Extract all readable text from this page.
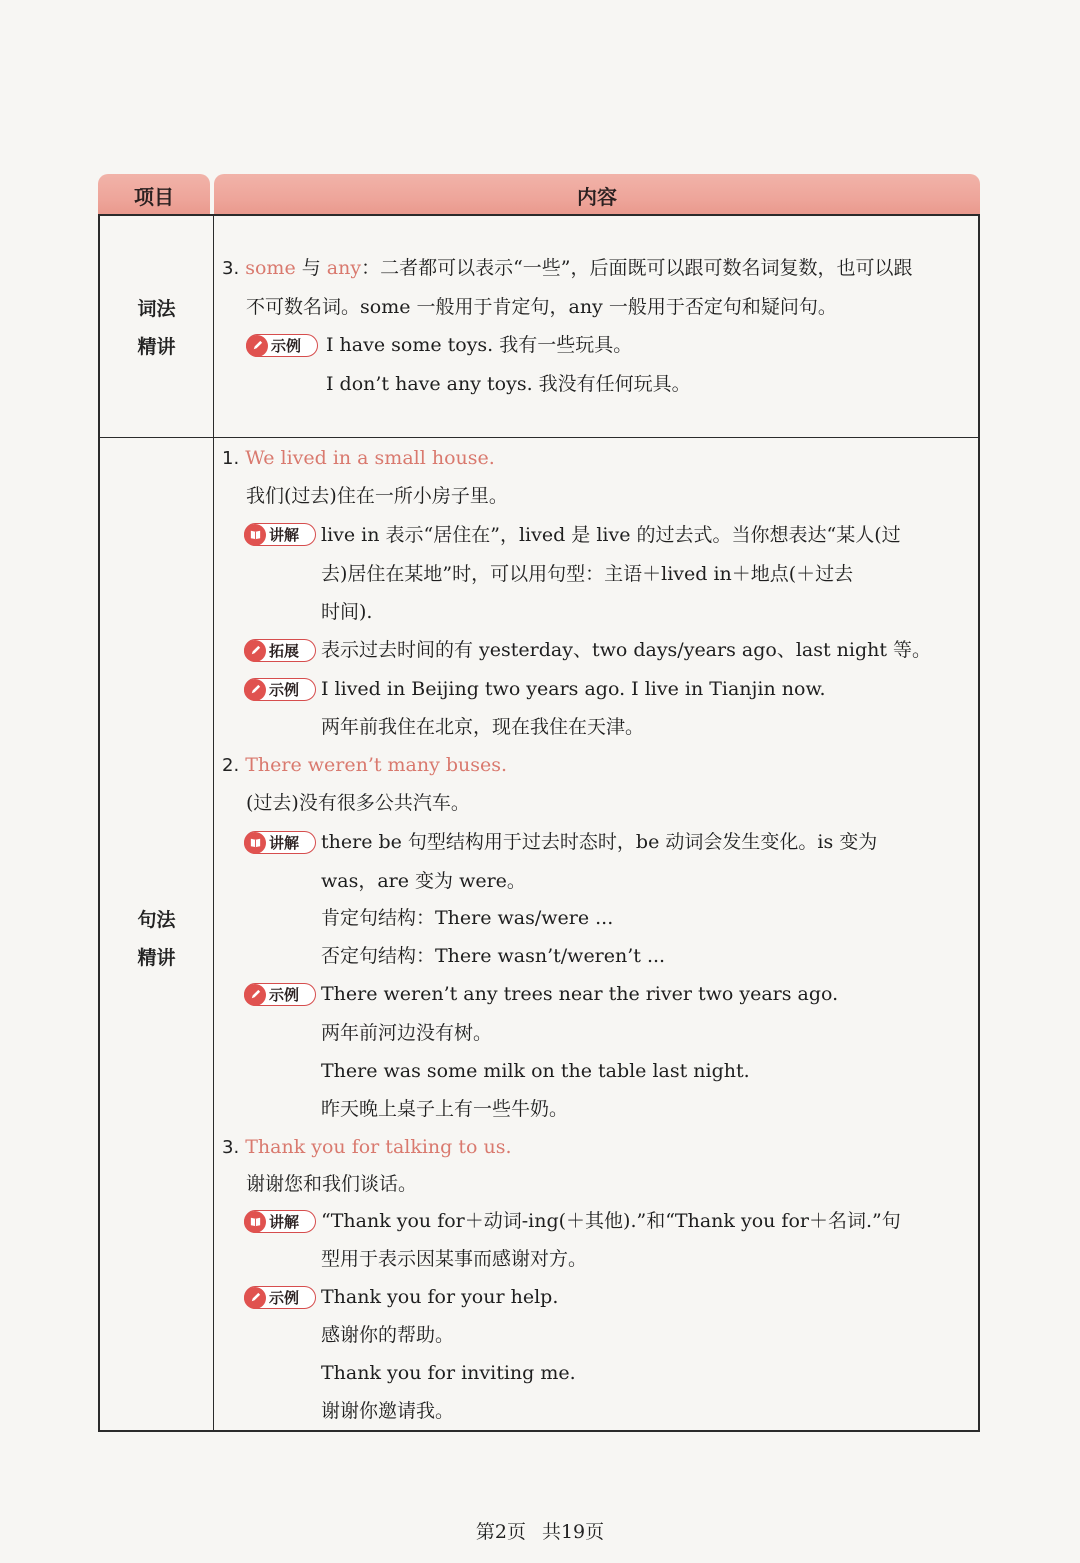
项目	内容
词法
精讲
句法
精讲
3. some 与 any：二者都可以表示“一些”，后面既可以跟可数名词复数，也可以跟
不可数名词。some 一般用于肯定句，any 一般用于否定句和疑问句。
示例 I have some toys. 我有一些玩具。
I don’t have any toys. 我没有任何玩具。
1. We lived in a small house.
我们(过去)住在一所小房子里。
讲解 live in 表示“居住在”，lived 是 live 的过去式。当你想表达“某人(过
去)居住在某地”时，可以用句型：主语＋lived in＋地点(＋过去
时间).
拓展 表示过去时间的有 yesterday、two days/years ago、last night 等。
示例 I lived in Beijing two years ago. I live in Tianjin now.
两年前我住在北京，现在我住在天津。
2. There weren’t many buses.
(过去)没有很多公共汽车。
讲解 there be 句型结构用于过去时态时，be 动词会发生变化。is 变为
was，are 变为 were。
肯定句结构：There was/were ...
否定句结构：There wasn’t/weren’t ...
示例 There weren’t any trees near the river two years ago.
两年前河边没有树。
There was some milk on the table last night.
昨天晚上桌子上有一些牛奶。
3. Thank you for talking to us.
谢谢您和我们谈话。
讲解 “Thank you for＋动词-ing(＋其他).”和“Thank you for＋名词.”句
型用于表示因某事而感谢对方。
示例 Thank you for your help.
感谢你的帮助。
Thank you for inviting me.
谢谢你邀请我。
第2页 共19页
